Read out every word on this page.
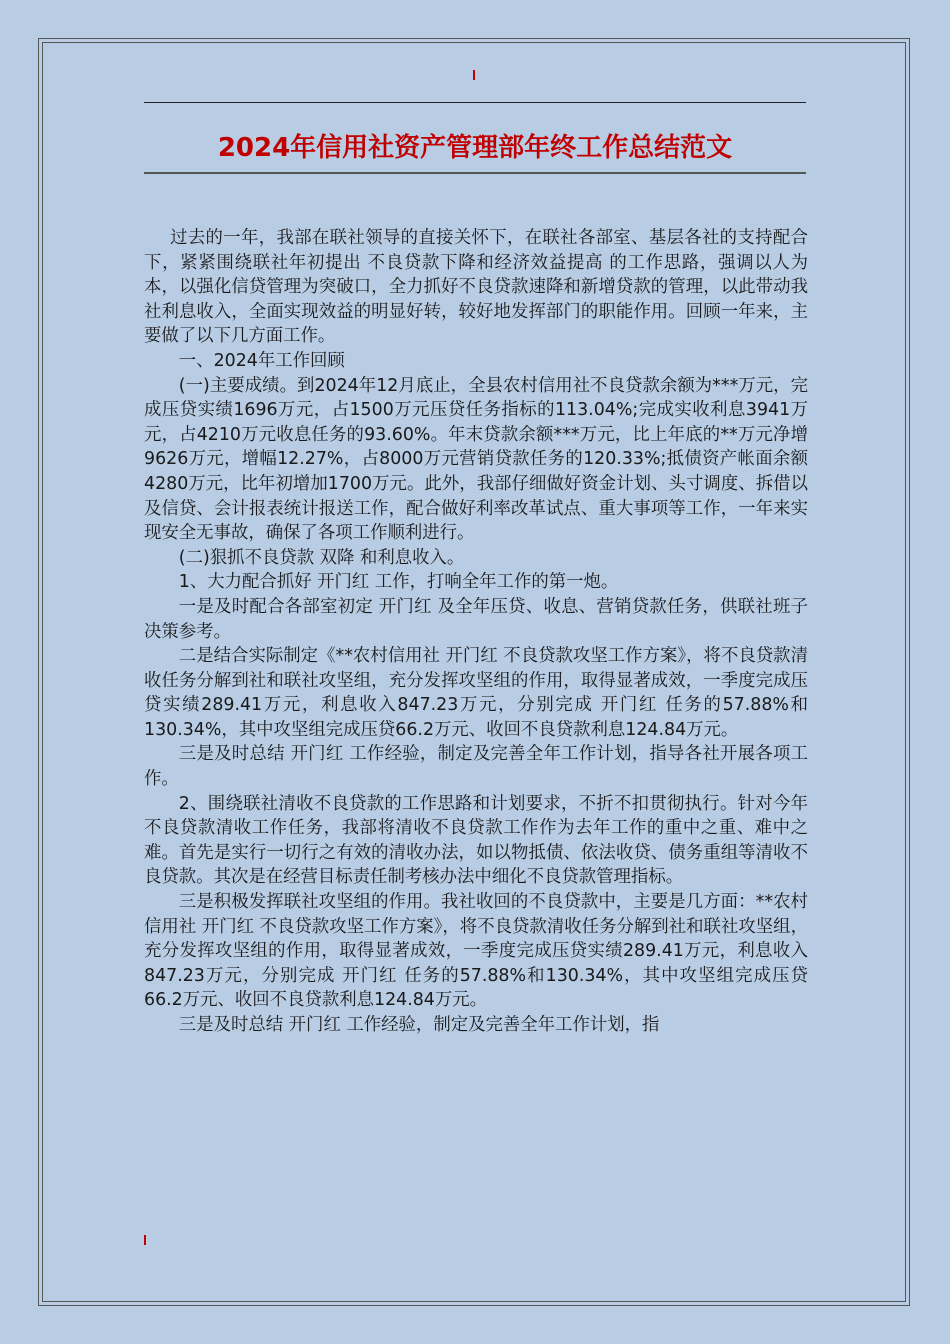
2024年信用社资产管理部年终工作总结范文

过去的一年，我部在联社领导的直接关怀下，在联社各部室、基层各社的支持配合下，紧紧围绕联社年初提出 不良贷款下降和经济效益提高 的工作思路，强调以人为本，以强化信贷管理为突破口，全力抓好不良贷款速降和新增贷款的管理，以此带动我社利息收入，全面实现效益的明显好转，较好地发挥部门的职能作用。回顾一年来，主要做了以下几方面工作。

一、2024年工作回顾

(一)主要成绩。到2024年12月底止，全县农村信用社不良贷款余额为***万元，完成压贷实绩1696万元，占1500万元压贷任务指标的113.04%;完成实收利息3941万元，占4210万元收息任务的93.60%。年末贷款余额***万元，比上年底的**万元净增9626万元，增幅12.27%，占8000万元营销贷款任务的120.33%;抵债资产帐面余额4280万元，比年初增加1700万元。此外，我部仔细做好资金计划、头寸调度、拆借以及信贷、会计报表统计报送工作，配合做好利率改革试点、重大事项等工作，一年来实现安全无事故，确保了各项工作顺利进行。

(二)狠抓不良贷款 双降 和利息收入。

1、大力配合抓好 开门红 工作，打响全年工作的第一炮。

一是及时配合各部室初定 开门红 及全年压贷、收息、营销贷款任务，供联社班子决策参考。

二是结合实际制定《**农村信用社 开门红 不良贷款攻坚工作方案》，将不良贷款清收任务分解到社和联社攻坚组，充分发挥攻坚组的作用，取得显著成效，一季度完成压贷实绩289.41万元，利息收入847.23万元，分别完成 开门红 任务的57.88%和130.34%，其中攻坚组完成压贷66.2万元、收回不良贷款利息124.84万元。

三是及时总结 开门红 工作经验，制定及完善全年工作计划，指导各社开展各项工作。

2、围绕联社清收不良贷款的工作思路和计划要求，不折不扣贯彻执行。针对今年不良贷款清收工作任务，我部将清收不良贷款工作作为去年工作的重中之重、难中之难。首先是实行一切行之有效的清收办法，如以物抵债、依法收贷、债务重组等清收不良贷款。其次是在经营目标责任制考核办法中细化不良贷款管理指标。

三是积极发挥联社攻坚组的作用。我社收回的不良贷款中，主要是几方面：**农村信用社 开门红 不良贷款攻坚工作方案》，将不良贷款清收任务分解到社和联社攻坚组，充分发挥攻坚组的作用，取得显著成效，一季度完成压贷实绩289.41万元，利息收入847.23万元，分别完成 开门红 任务的57.88%和130.34%，其中攻坚组完成压贷66.2万元、收回不良贷款利息124.84万元。

三是及时总结 开门红 工作经验，制定及完善全年工作计划，指
